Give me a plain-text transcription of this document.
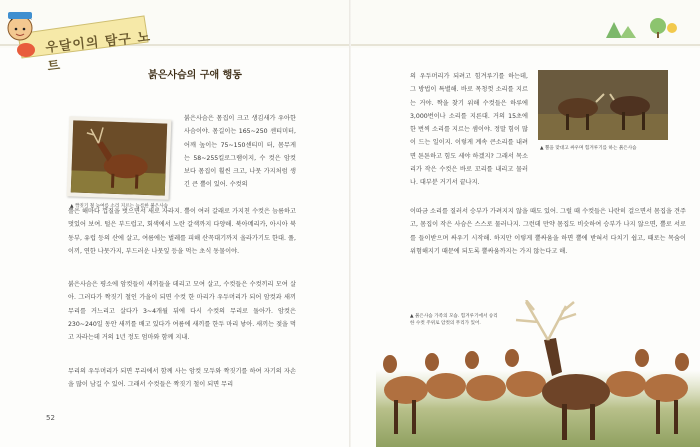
우달이의 탐구 노트
붉은사슴의 구애 행동
▲ 짝짓기 철 늦여름 소리 지르는 늠름한 붉은사슴
붉은사슴은 몸집이 크고 생김새가 우아한 사슴이야. 몸길이는 165~250 센티미터, 어깨 높이는 75~150센티미 터, 몸무게는 58~255킬로그램이지, 수 컷은 암컷보다 몸집이 훨씬 크고, 나뭇 가지처럼 생긴 큰 뿔이 있어. 수컷의
뿔은 해마다 껍질을 벗으면서 새로 자라지. 뿔이 여러 갈래로 가지친 수컷은 늠름하고 멋있어 보여. 털은 부드럽고, 회색에서 노란 갈색까지 다양해. 북아메리카, 아시아 북동부, 유럽 등의 산에 살고, 여름에는 벌레를 피해 산꼭대기까지 올라가기도 한대. 풀, 이끼, 연한 나뭇가지, 부드러운 나뭇잎 등을 먹는 초식 동물이야.
붉은사슴은 평소에 암컷들이 새끼들을 데리고 모여 살고, 수컷들은 수컷끼리 모여 살아. 그러다가 짝짓기 철인 가을이 되면 수컷 한 마리가 우두머리가 되어 암컷과 새끼 무리를 거느리고 살다가 3~4개월 뒤에 다시 수컷의 무리로 돌아가. 암컷은 230~240일 동안 새끼를 배고 있다가 여름에 새끼를 한두 마리 낳아. 새끼는 젖을 먹고 자라는데 거의 1년 정도 엄마와 함께 지내.
무리의 우두머리가 되면 무리에서 함께 사는 암컷 모두와 짝짓기를 하여 자기의 자손을 많이 남길 수 있어. 그래서 수컷들은 짝짓기 철이 되면 무리
52
의 우두머리가 되려고 힘겨루기를 하는데, 그 방법이 특별해. 바로 목청껏 소리를 지르는 거야. 짝을 찾기 위해 수컷들은 하루에 3,000번이나 소리를 지른대. 거의 15초에 한 번씩 소리를 지르는 셈이야. 정말 힘이 많이 드는 일이지. 이렇게 계속 큰소리를 내려면 튼튼하고 힘도 세야 하겠지? 그래서 목소리가 작은 수컷은 바로 꼬리를 내리고 물러나. 대부분 거기서 끝나지.
▲ 뿔을 맞대고 싸우며 힘겨루기를 하는 붉은사슴
이따금 소리를 질러서 승부가 가려지지 않을 때도 있어. 그럴 때 수컷들은 나란히 걸으면서 몸집을 견주고, 몸집이 작은 사슴은 스스로 물러나지. 그런데 만약 몸집도 비슷하여 승부가 나지 않으면, 뿔로 서로를 들이받으며 싸우기 시작해. 하지만 이렇게 뿔싸움을 하면 뿔에 받혀서 다치기 쉽고, 때로는 목숨이 위험해지기 때문에 되도록 뿔싸움까지는 가지 않는다고 해.
▲ 붉은사슴 가족의 모습. 힘겨루기에서 승리
한 수컷 주위로 암컷의 무리가 있어.
